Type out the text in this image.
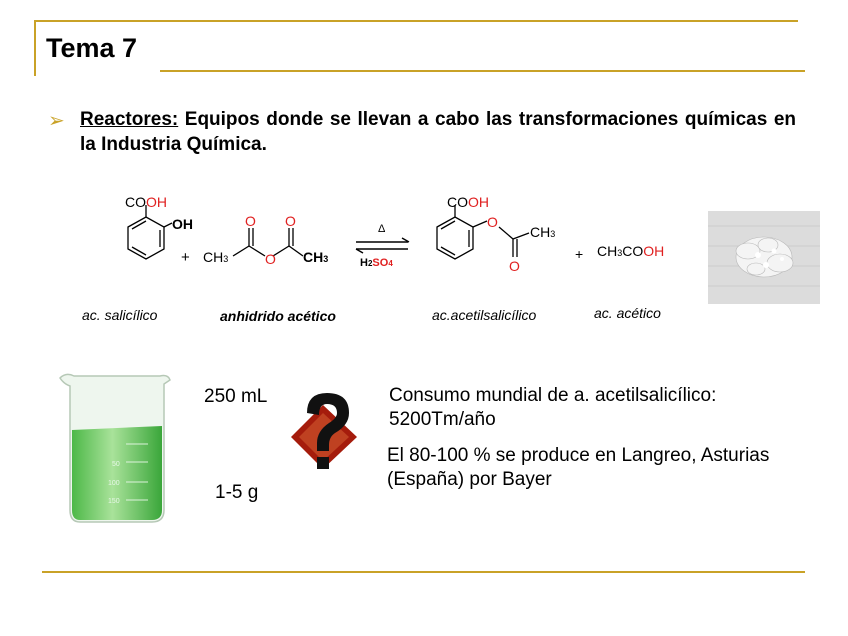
Tema 7
➢ Reactores: Equipos donde se llevan a cabo las transformaciones químicas en la Industria Química.
COOH
OH
+ CH3
O
O
O
CH3
Δ
H2SO4
COOH
O
CH3
O
+ CH3COOH
ac. salicílico	anhidrido acético	ac.acetilsalicílico	ac. acético
50
100
150
250 mL
1-5 g
Consumo mundial de a. acetilsalicílico: 5200Tm/año
El 80-100 % se produce en Langreo, Asturias (España) por Bayer
